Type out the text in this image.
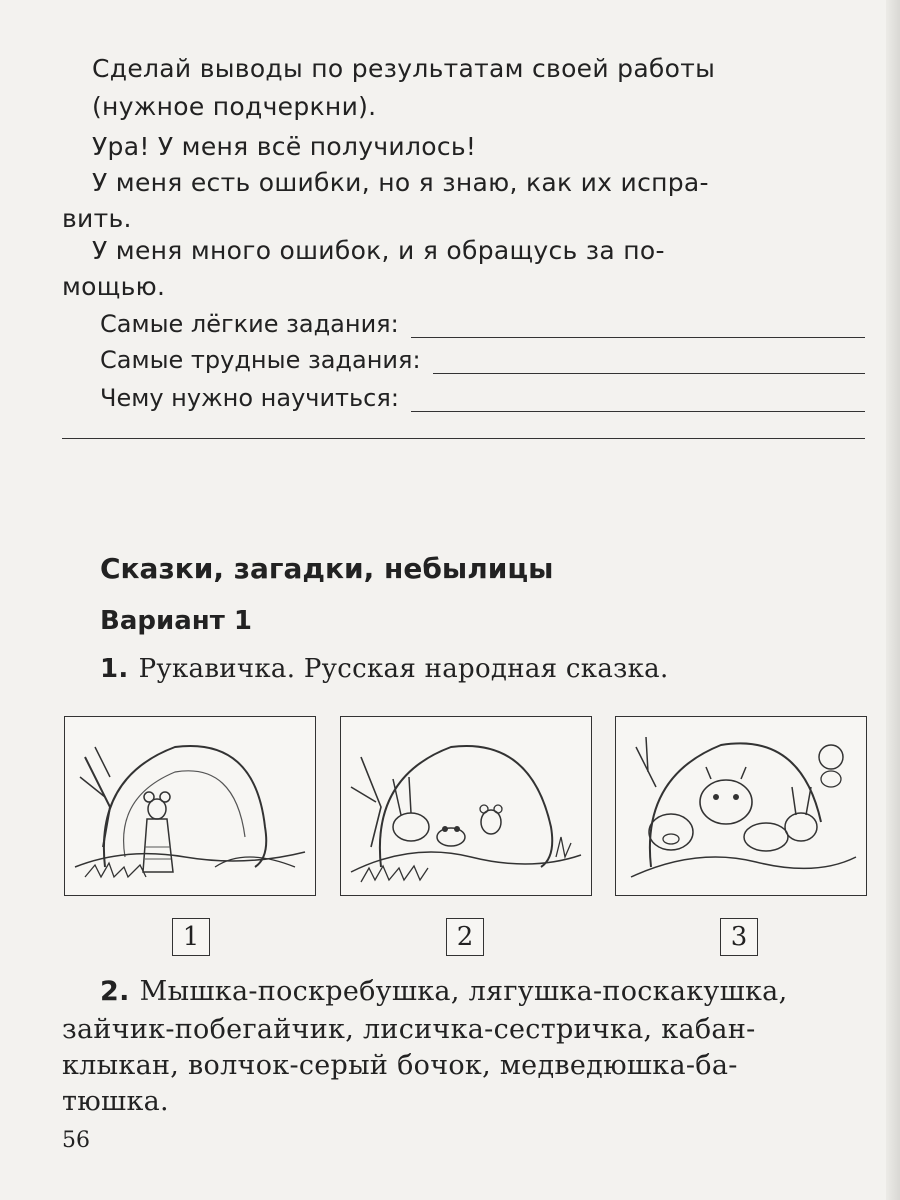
Сделай выводы по результатам своей работы
(нужное подчеркни).
Ура! У меня всё получилось!
У меня есть ошибки, но я знаю, как их испра-
вить.
У меня много ошибок, и я обращусь за по-
мощью.
Самые лёгкие задания:
Самые трудные задания:
Чему нужно научиться:
Сказки, загадки, небылицы
Вариант 1
1. Рукавичка. Русская народная сказка.
1	2	3
2. Мышка-поскребушка, лягушка-поскакушка,
зайчик-побегайчик, лисичка-сестричка, кабан-
клыкан, волчок-серый бочок, медведюшка-ба-
тюшка.
56
